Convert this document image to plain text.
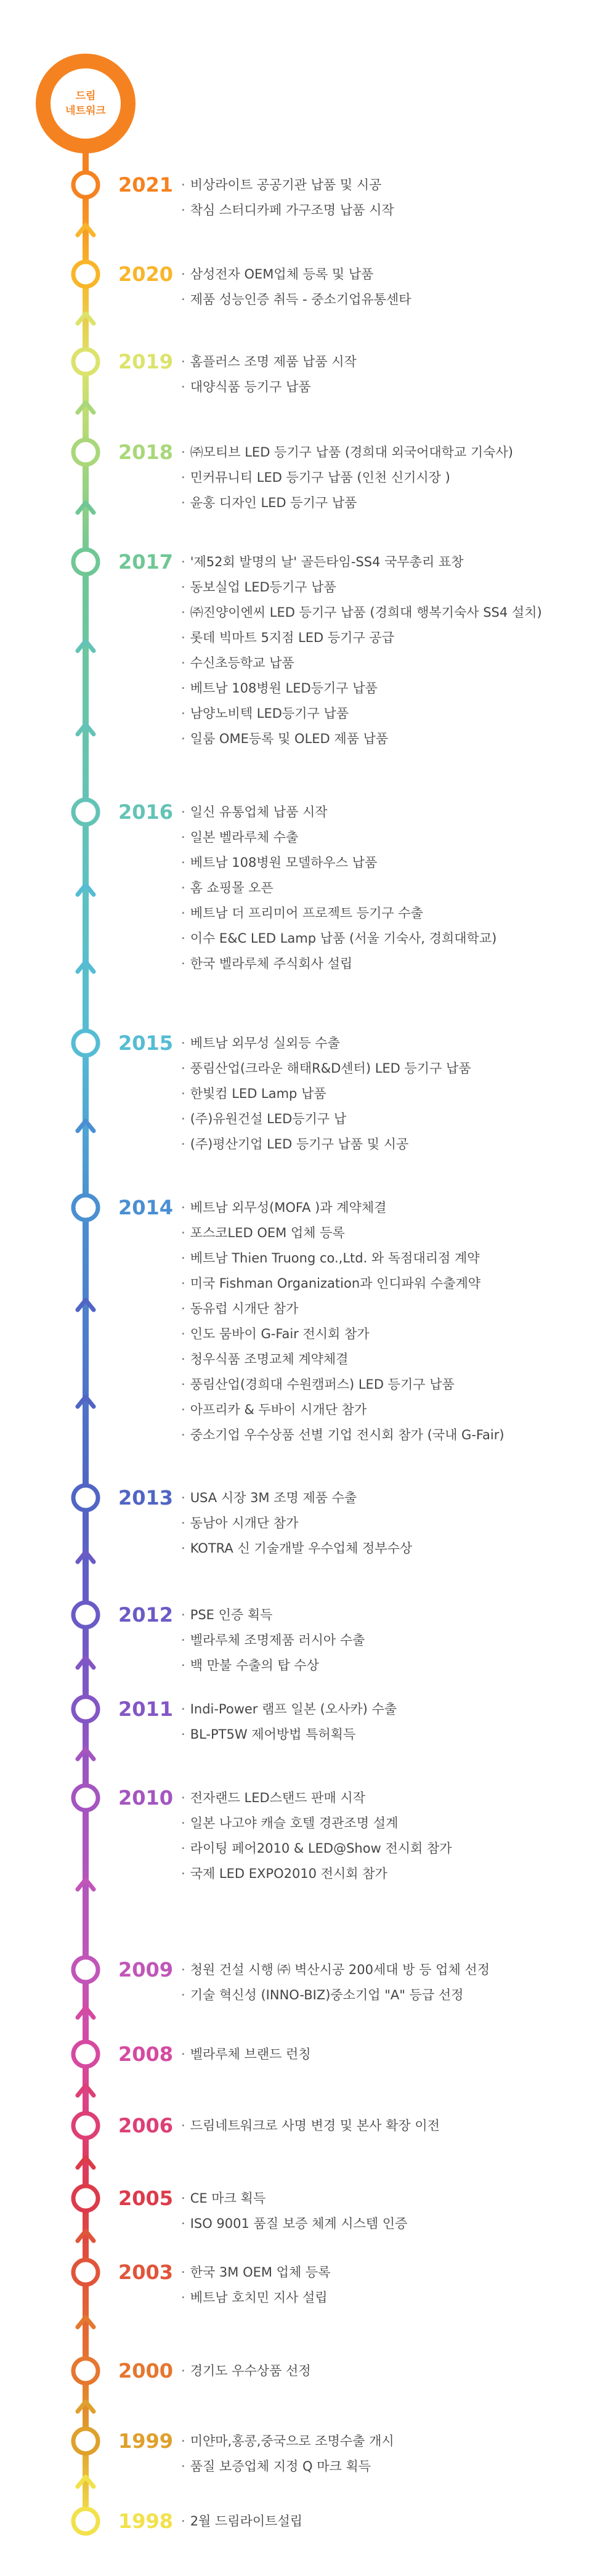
드림
네트워크
2021	· 비상라이트 공공기관 납품 및 시공
· 착심 스터디카페 가구조명 납품 시작
2020	· 삼성전자 OEM업체 등록 및 납품
· 제품 성능인증 취득 - 중소기업유통센타
2019	· 홈플러스 조명 제품 납품 시작
· 대양식품 등기구 납품
2018	· ㈜모티브 LED 등기구 납품 (경희대 외국어대학교 기숙사)
· 민커뮤니티 LED 등기구 납품 (인천 신기시장 )
· 윤홍 디자인 LED 등기구 납품
2017	· '제52회 발명의 날' 골든타임-SS4 국무총리 표창
· 동보실업 LED등기구 납품
· ㈜진양이엔씨 LED 등기구 납품 (경희대 행복기숙사 SS4 설치)
· 롯데 빅마트 5지점 LED 등기구 공급
· 수신초등학교 납품
· 베트남 108병원 LED등기구 납품
· 남양노비텍 LED등기구 납품
· 일룸 OME등록 및 OLED 제품 납품
2016	· 일신 유통업체 납품 시작
· 일본 벨라루체 수출
· 베트남 108병원 모델하우스 납품
· 홈 쇼핑몰 오픈
· 베트남 더 프리미어 프로젝트 등기구 수출
· 이수 E&C LED Lamp 납품 (서울 기숙사, 경희대학교)
· 한국 벨라루체 주식회사 설립
2015	· 베트남 외무성 실외등 수출
· 풍림산업(크라운 해태R&D센터) LED 등기구 납품
· 한빛컴 LED Lamp 납품
· (주)유원건설 LED등기구 납
· (주)평산기업 LED 등기구 납품 및 시공
2014	· 베트남 외무성(MOFA )과 계약체결
· 포스코LED OEM 업체 등록
· 베트남 Thien Truong co.,Ltd. 와 독점대리점 계약
· 미국 Fishman Organization과 인디파워 수출계약
· 동유럽 시개단 참가
· 인도 뭄바이 G-Fair 전시회 참가
· 청우식품 조명교체 계약체결
· 풍림산업(경희대 수원캠퍼스) LED 등기구 납품
· 아프리카 & 두바이 시개단 참가
· 중소기업 우수상품 선별 기업 전시회 참가 (국내 G-Fair)
2013	· USA 시장 3M 조명 제품 수출
· 동남아 시개단 참가
· KOTRA 신 기술개발 우수업체 정부수상
2012	· PSE 인증 획득
· 벨라루체 조명제품 러시아 수출
· 백 만불 수출의 탑 수상
2011	· Indi-Power 램프 일본 (오사카) 수출
· BL-PT5W 제어방법 특허획득
2010	· 전자랜드 LED스탠드 판매 시작
· 일본 나고야 캐슬 호텔 경관조명 설계
· 라이팅 페어2010 & LED@Show 전시회 참가
· 국제 LED EXPO2010 전시회 참가
2009	· 청원 건설 시행 ㈜ 벽산시공 200세대 방 등 업체 선정
· 기술 혁신성 (INNO-BIZ)중소기업 "A" 등급 선정
2008	· 벨라루체 브랜드 런칭
2006	· 드림네트워크로 사명 변경 및 본사 확장 이전
2005	· CE 마크 획득
· ISO 9001 품질 보증 체계 시스템 인증
2003	· 한국 3M OEM 업체 등록
· 베트남 호치민 지사 설립
2000	· 경기도 우수상품 선정
1999	· 미얀마,홍콩,중국으로 조명수출 개시
· 품질 보증업체 지정 Q 마크 획득
1998	· 2월 드림라이트설립
